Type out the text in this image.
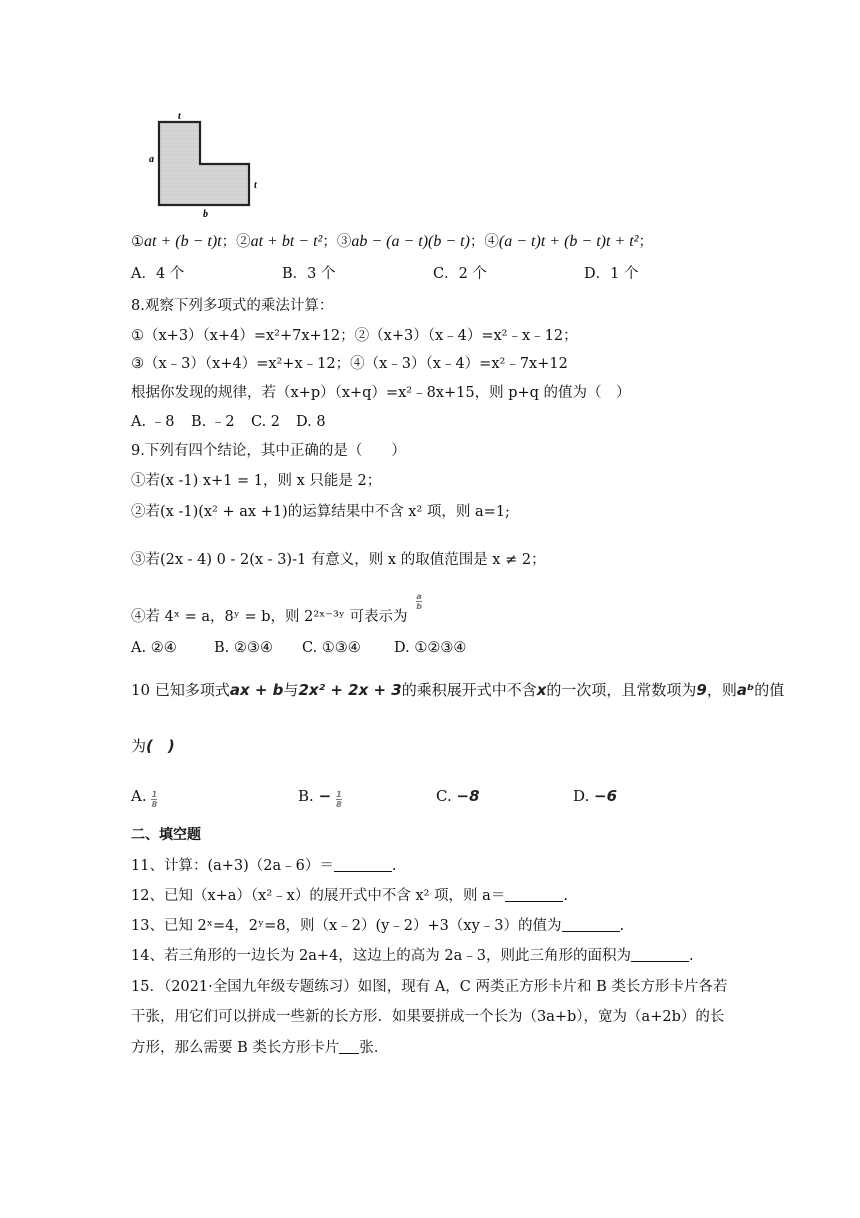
t
a
t
b
①at + (b − t)t；②at + bt − t²；③ab − (a − t)(b − t)；④(a − t)t + (b − t)t + t²；
A．4 个	B．3 个	C．2 个	D．1 个
8.观察下列多项式的乘法计算：
①（x+3）（x+4）=x²+7x+12；②（x+3）（x﹣4）=x²﹣x﹣12；
③（x﹣3）（x+4）=x²+x﹣12；④（x﹣3）（x﹣4）=x²﹣7x+12
根据你发现的规律，若（x+p）（x+q）=x²﹣8x+15，则 p+q 的值为（　）
A. ﹣8 B. ﹣2 C. 2 D. 8
9.下列有四个结论，其中正确的是（　　）
①若(x -1) x+1 = 1，则 x 只能是 2；
②若(x -1)(x² + ax +1)的运算结果中不含 x² 项，则 a=1;
③若(2x - 4) 0 - 2(x - 3)-1 有意义，则 x 的取值范围是 x ≠ 2；
④若 4ˣ = a，8ʸ = b，则 2²ˣ⁻³ʸ 可表示为
$\frac{a}{b}$
A. ②④	B. ②③④ C. ①③④ D. ①②③④
10 已知多项式ax + b与2x² + 2x + 3的乘积展开式中不含x的一次项，且常数项为9，则aᵇ的值
为(　)
A. $\frac{1}{8}$	B. − $\frac{1}{8}$	C. −8	D. −6
二、填空题
11、计算：(a+3)（2a﹣6）＝	.
12、已知（x+a）（x²﹣x）的展开式中不含 x² 项，则 a＝	.
13、已知 2ˣ=4，2ʸ=8，则（x﹣2）(y﹣2）+3（xy﹣3）的值为	.
14、若三角形的一边长为 2a+4，这边上的高为 2a﹣3，则此三角形的面积为	.
15．（2021·全国九年级专题练习）如图，现有 A，C 两类正方形卡片和 B 类长方形卡片各若
干张，用它们可以拼成一些新的长方形．如果要拼成一个长为（3a+b），宽为（a+2b）的长
方形，那么需要 B 类长方形卡片 张．
